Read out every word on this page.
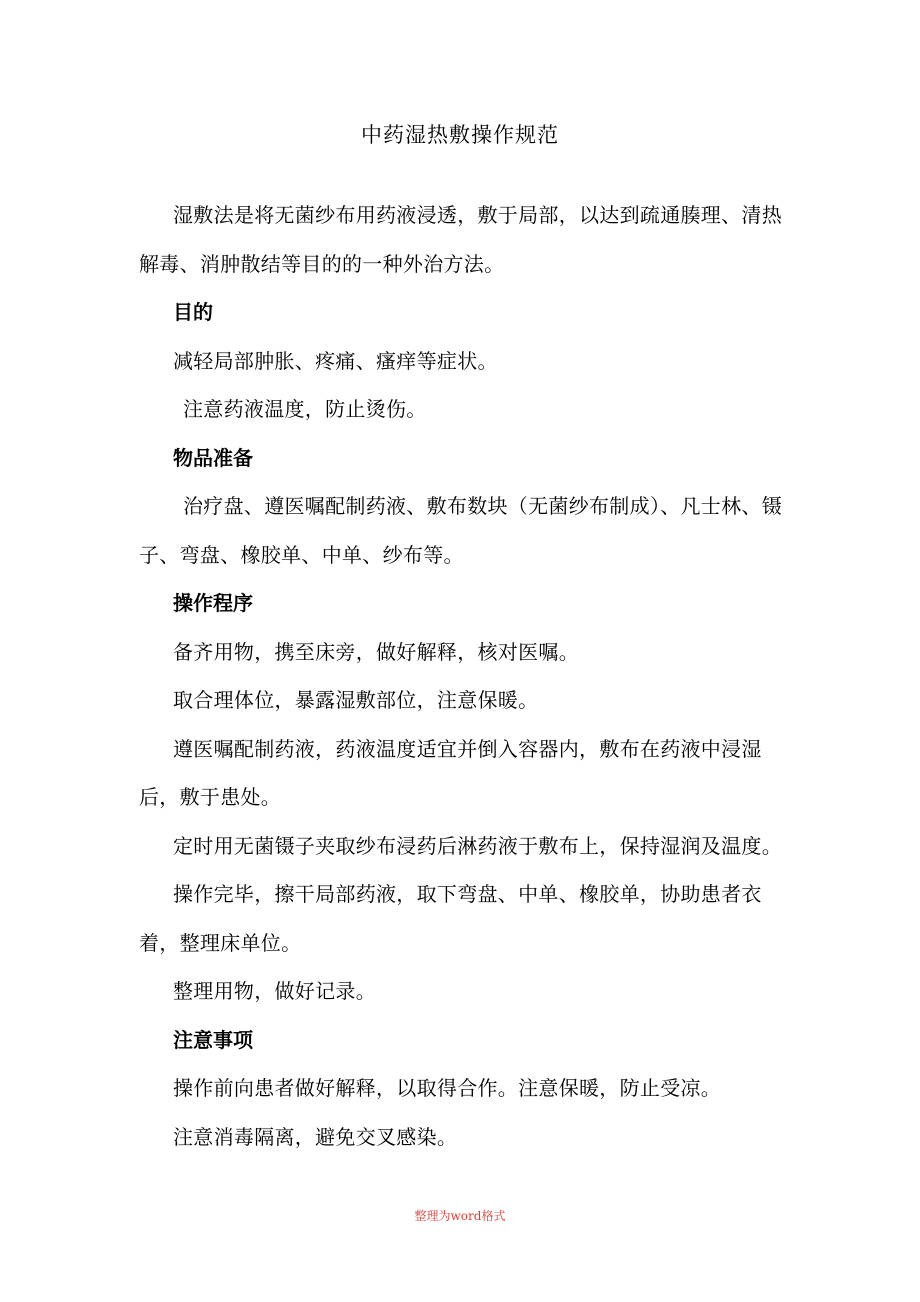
中药湿热敷操作规范

湿敷法是将无菌纱布用药液浸透，敷于局部，以达到疏通腠理、清热解毒、消肿散结等目的的一种外治方法。

目的

减轻局部肿胀、疼痛、瘙痒等症状。

注意药液温度，防止烫伤。

物品准备

治疗盘、遵医嘱配制药液、敷布数块（无菌纱布制成）、凡士林、镊子、弯盘、橡胶单、中单、纱布等。

操作程序

备齐用物，携至床旁，做好解释，核对医嘱。

取合理体位，暴露湿敷部位，注意保暖。

遵医嘱配制药液，药液温度适宜并倒入容器内，敷布在药液中浸湿后，敷于患处。

定时用无菌镊子夹取纱布浸药后淋药液于敷布上，保持湿润及温度。

操作完毕，擦干局部药液，取下弯盘、中单、橡胶单，协助患者衣着，整理床单位。

整理用物，做好记录。

注意事项

操作前向患者做好解释，以取得合作。注意保暖，防止受凉。

注意消毒隔离，避免交叉感染。

整理为word格式
